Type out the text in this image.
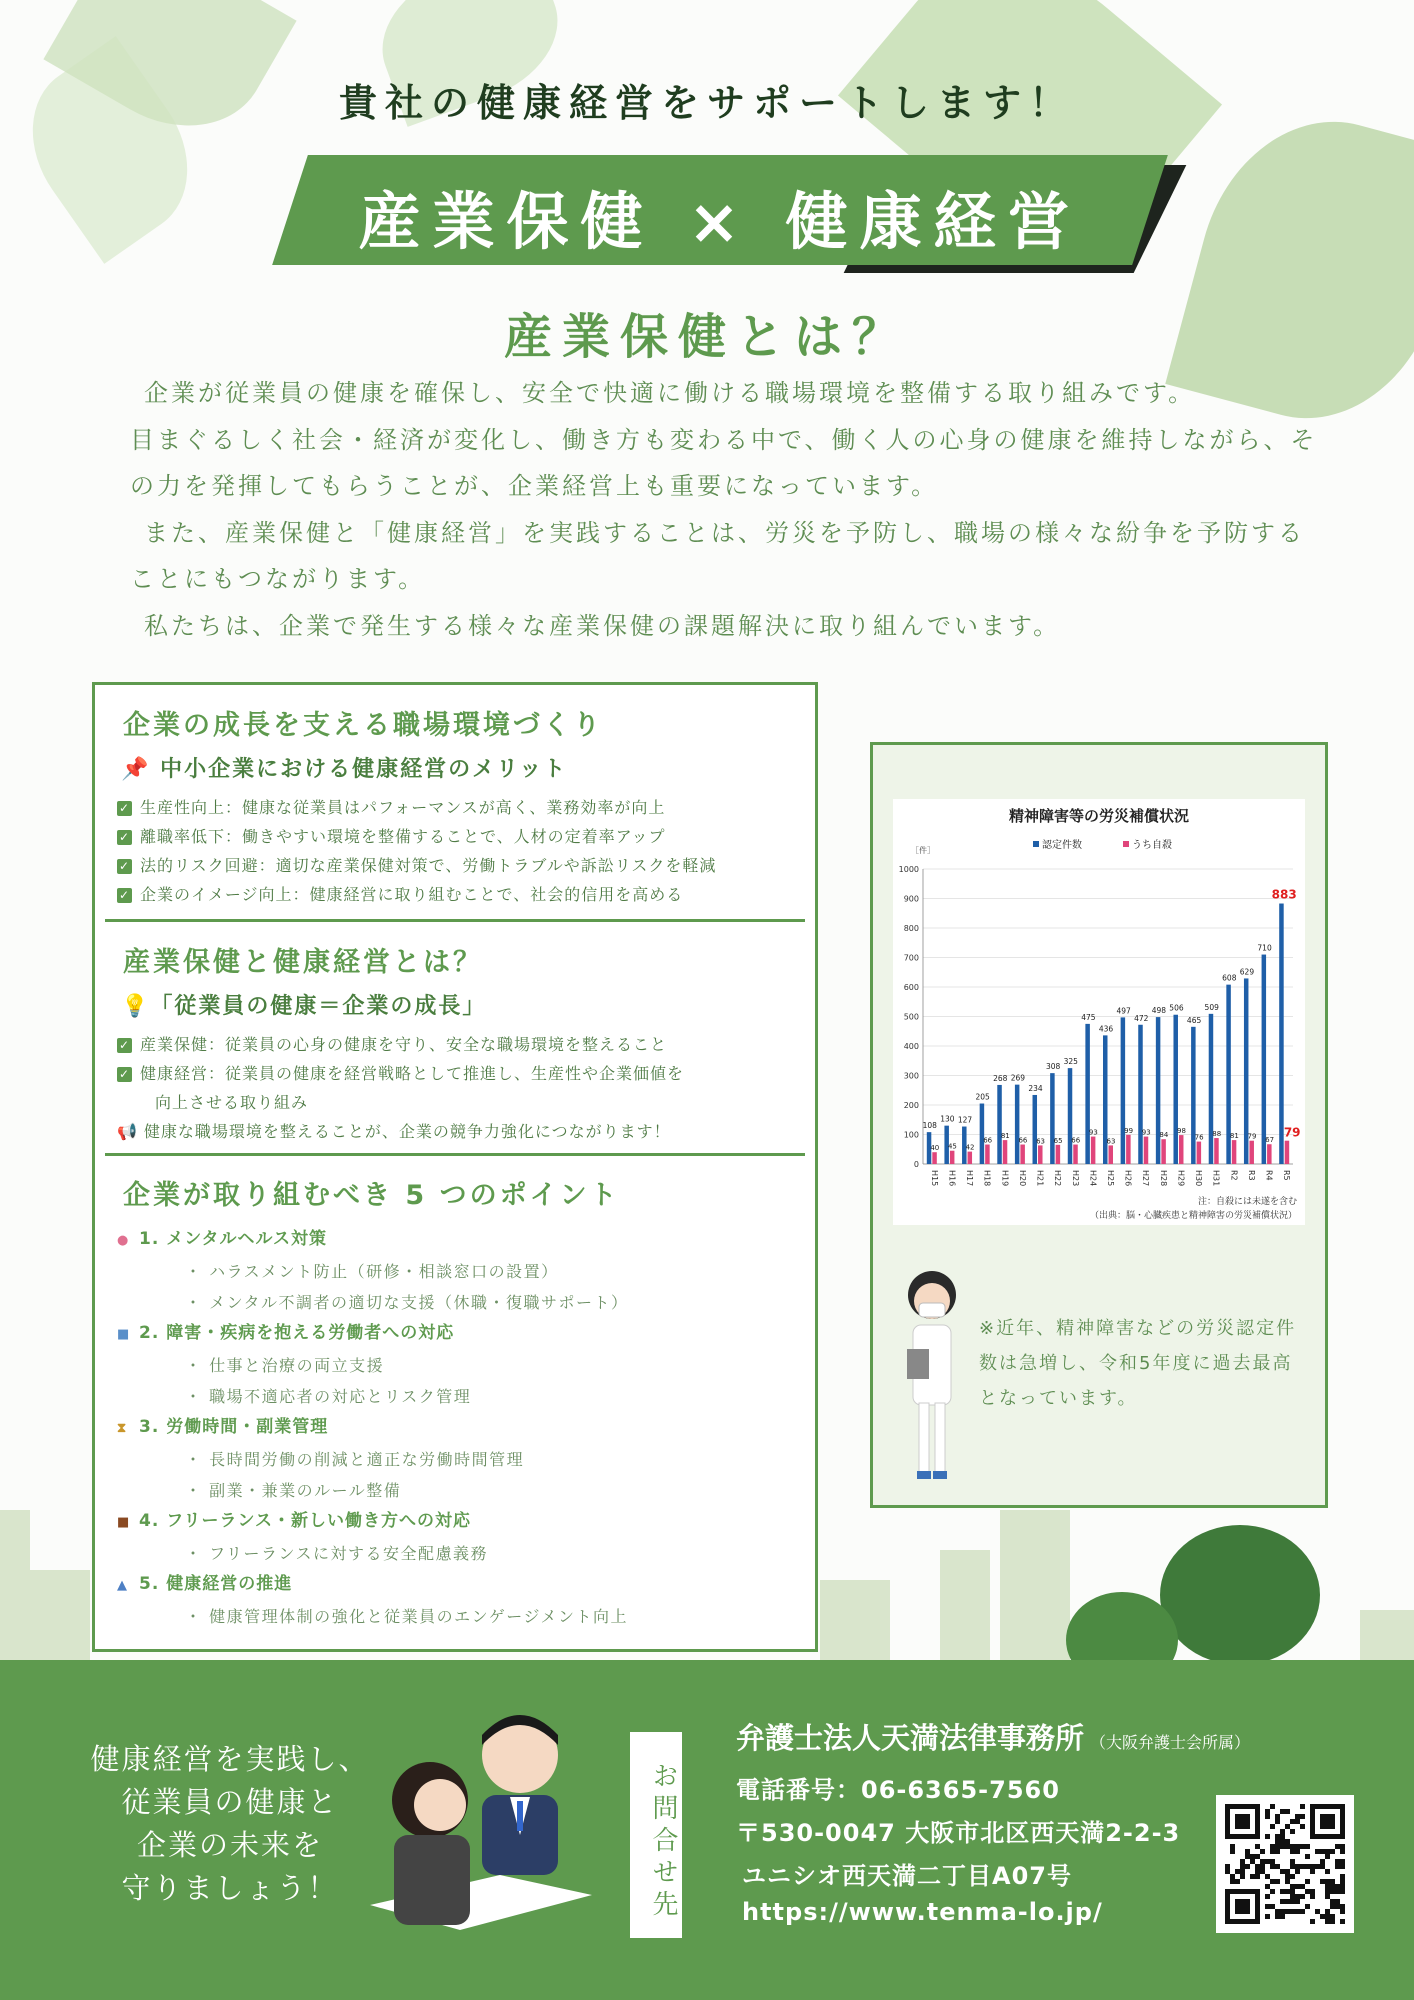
貴社の健康経営をサポートします！
産業保健 × 健康経営
産業保健とは？

企業が従業員の健康を確保し、安全で快適に働ける職場環境を整備する取り組みです。

目まぐるしく社会・経済が変化し、働き方も変わる中で、働く人の心身の健康を維持しながら、その力を発揮してもらうことが、企業経営上も重要になっています。

また、産業保健と「健康経営」を実践することは、労災を予防し、職場の様々な紛争を予防することにもつながります。

私たちは、企業で発生する様々な産業保健の課題解決に取り組んでいます。

企業の成長を支える職場環境づくり
📌 中小企業における健康経営のメリット
✓ 生産性向上：健康な従業員はパフォーマンスが高く、業務効率が向上
✓ 離職率低下：働きやすい環境を整備することで、人材の定着率アップ
✓ 法的リスク回避：適切な産業保健対策で、労働トラブルや訴訟リスクを軽減
✓ 企業のイメージ向上：健康経営に取り組むことで、社会的信用を高める
産業保健と健康経営とは？
💡「従業員の健康＝企業の成長」
✓ 産業保健：従業員の心身の健康を守り、安全な職場環境を整えること
✓ 健康経営：従業員の健康を経営戦略として推進し、生産性や企業価値を
向上させる取り組み
📢 健康な職場環境を整えることが、企業の競争力強化につながります！
企業が取り組むべき 5 つのポイント
● 1. メンタルヘルス対策
・ ハラスメント防止（研修・相談窓口の設置）
・ メンタル不調者の適切な支援（休職・復職サポート）
■ 2. 障害・疾病を抱える労働者への対応
・ 仕事と治療の両立支援
・ 職場不適応者の対応とリスク管理
⧗ 3. 労働時間・副業管理
・ 長時間労働の削減と適正な労働時間管理
・ 副業・兼業のルール整備
■ 4. フリーランス・新しい働き方への対応
・ フリーランスに対する安全配慮義務
▲ 5. 健康経営の推進
・ 健康管理体制の強化と従業員のエンゲージメント向上
精神障害等の労災補償状況
［件］	認定件数	うち自殺
0
100
200
300
400
500
600
700
800
900
1000
108
40
H15
130
45
H16
127
42
H17
205
66
H18
268
81
H19
269
66
H20
234
63
H21
308
65
H22
325
66
H23
475
93
H24
436
63
H25
497
99
H26
472
93
H27
498
84
H28
506
98
H29
465
76
H30
509
88
H31
608
81
R2
629
79
R3
710
67
R4
883
79
R5
注：自殺には未遂を含む
（出典：脳・心臓疾患と精神障害の労災補償状況）
※近年、精神障害などの労災認定件数は急増し、令和5年度に過去最高となっています。
健康経営を実践し、
従業員の健康と
企業の未来を
守りましょう！	お問合せ先
弁護士法人天満法律事務所 （大阪弁護士会所属）
電話番号：06-6365-7560
〒530-0047 大阪市北区西天満2-2-3
ユニシオ西天満二丁目A07号
https://www.tenma-lo.jp/
